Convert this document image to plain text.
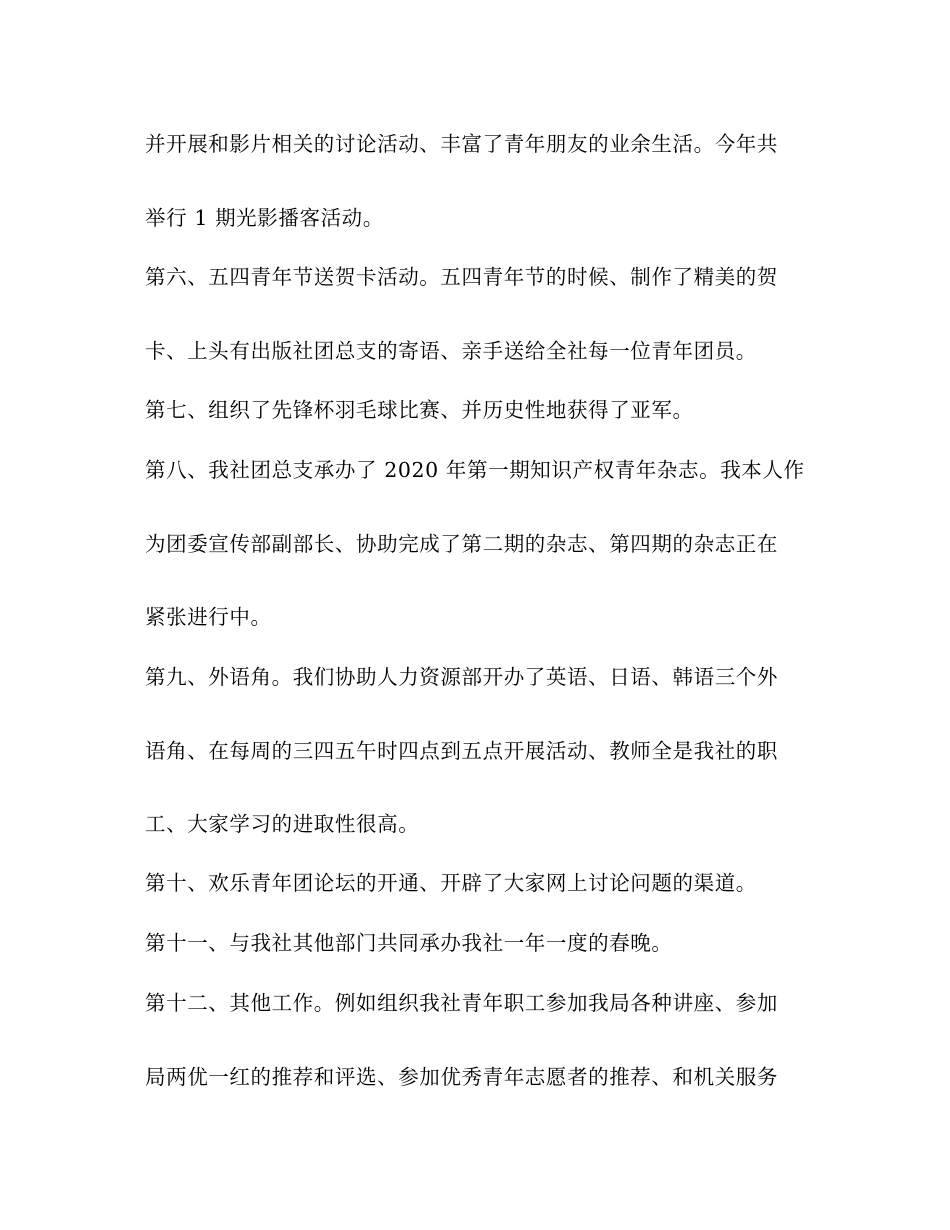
并开展和影片相关的讨论活动、丰富了青年朋友的业余生活。今年共
举行 1 期光影播客活动。
第六、五四青年节送贺卡活动。五四青年节的时候、制作了精美的贺
卡、上头有出版社团总支的寄语、亲手送给全社每一位青年团员。
第七、组织了先锋杯羽毛球比赛、并历史性地获得了亚军。
第八、我社团总支承办了 2020 年第一期知识产权青年杂志。我本人作
为团委宣传部副部长、协助完成了第二期的杂志、第四期的杂志正在
紧张进行中。
第九、外语角。我们协助人力资源部开办了英语、日语、韩语三个外
语角、在每周的三四五午时四点到五点开展活动、教师全是我社的职
工、大家学习的进取性很高。
第十、欢乐青年团论坛的开通、开辟了大家网上讨论问题的渠道。
第十一、与我社其他部门共同承办我社一年一度的春晚。
第十二、其他工作。例如组织我社青年职工参加我局各种讲座、参加
局两优一红的推荐和评选、参加优秀青年志愿者的推荐、和机关服务
